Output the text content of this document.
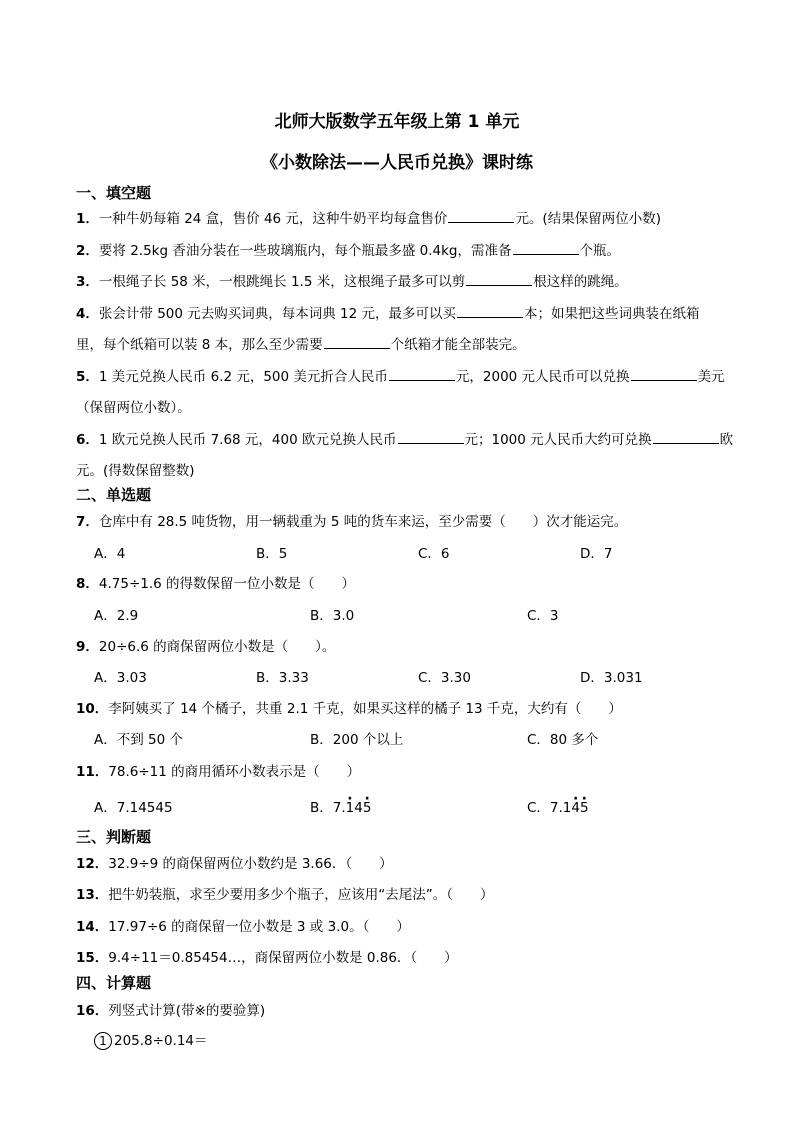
北师大版数学五年级上第 1 单元
《小数除法——人民币兑换》课时练
一、填空题
1．一种牛奶每箱 24 盒，售价 46 元，这种牛奶平均每盒售价	元。(结果保留两位小数)
2．要将 2.5kg 香油分装在一些玻璃瓶内，每个瓶最多盛 0.4kg，需准备	个瓶。
3．一根绳子长 58 米，一根跳绳长 1.5 米，这根绳子最多可以剪	根这样的跳绳。
4．张会计带 500 元去购买词典，每本词典 12 元，最多可以买	本；如果把这些词典装在纸箱
里，每个纸箱可以装 8 本，那么至少需要	个纸箱才能全部装完。
5．1 美元兑换人民币 6.2 元，500 美元折合人民币	元，2000 元人民币可以兑换	美元
（保留两位小数）。
6．1 欧元兑换人民币 7.68 元，400 欧元兑换人民币	元；1000 元人民币大约可兑换	欧
元。(得数保留整数)
二、单选题
7．仓库中有 28.5 吨货物，用一辆载重为 5 吨的货车来运，至少需要（　　）次才能运完。
A．4	B．5	C．6	D．7
8．4.75÷1.6 的得数保留一位小数是（　　）
A．2.9	B．3.0	C．3
9．20÷6.6 的商保留两位小数是（　　）。
A．3.03	B．3.33	C．3.30	D．3.031
10．李阿姨买了 14 个橘子，共重 2.1 千克，如果买这样的橘子 13 千克，大约有（　　）
A．不到 50 个	B．200 个以上	C．80 多个
11．78.6÷11 的商用循环小数表示是（　　）
A．7.14545	B．7.· 14· 5	C．7.1· 4· 5
三、判断题
12．32.9÷9 的商保留两位小数约是 3.66．（　　）
13．把牛奶装瓶，求至少要用多少个瓶子，应该用“去尾法”。（　　）
14．17.97÷6 的商保留一位小数是 3 或 3.0。（　　）
15．9.4÷11＝0.85454…，商保留两位小数是 0.86．（　　）
四、计算题
16．列竖式计算(带※的要验算)
1 205.8÷0.14＝
